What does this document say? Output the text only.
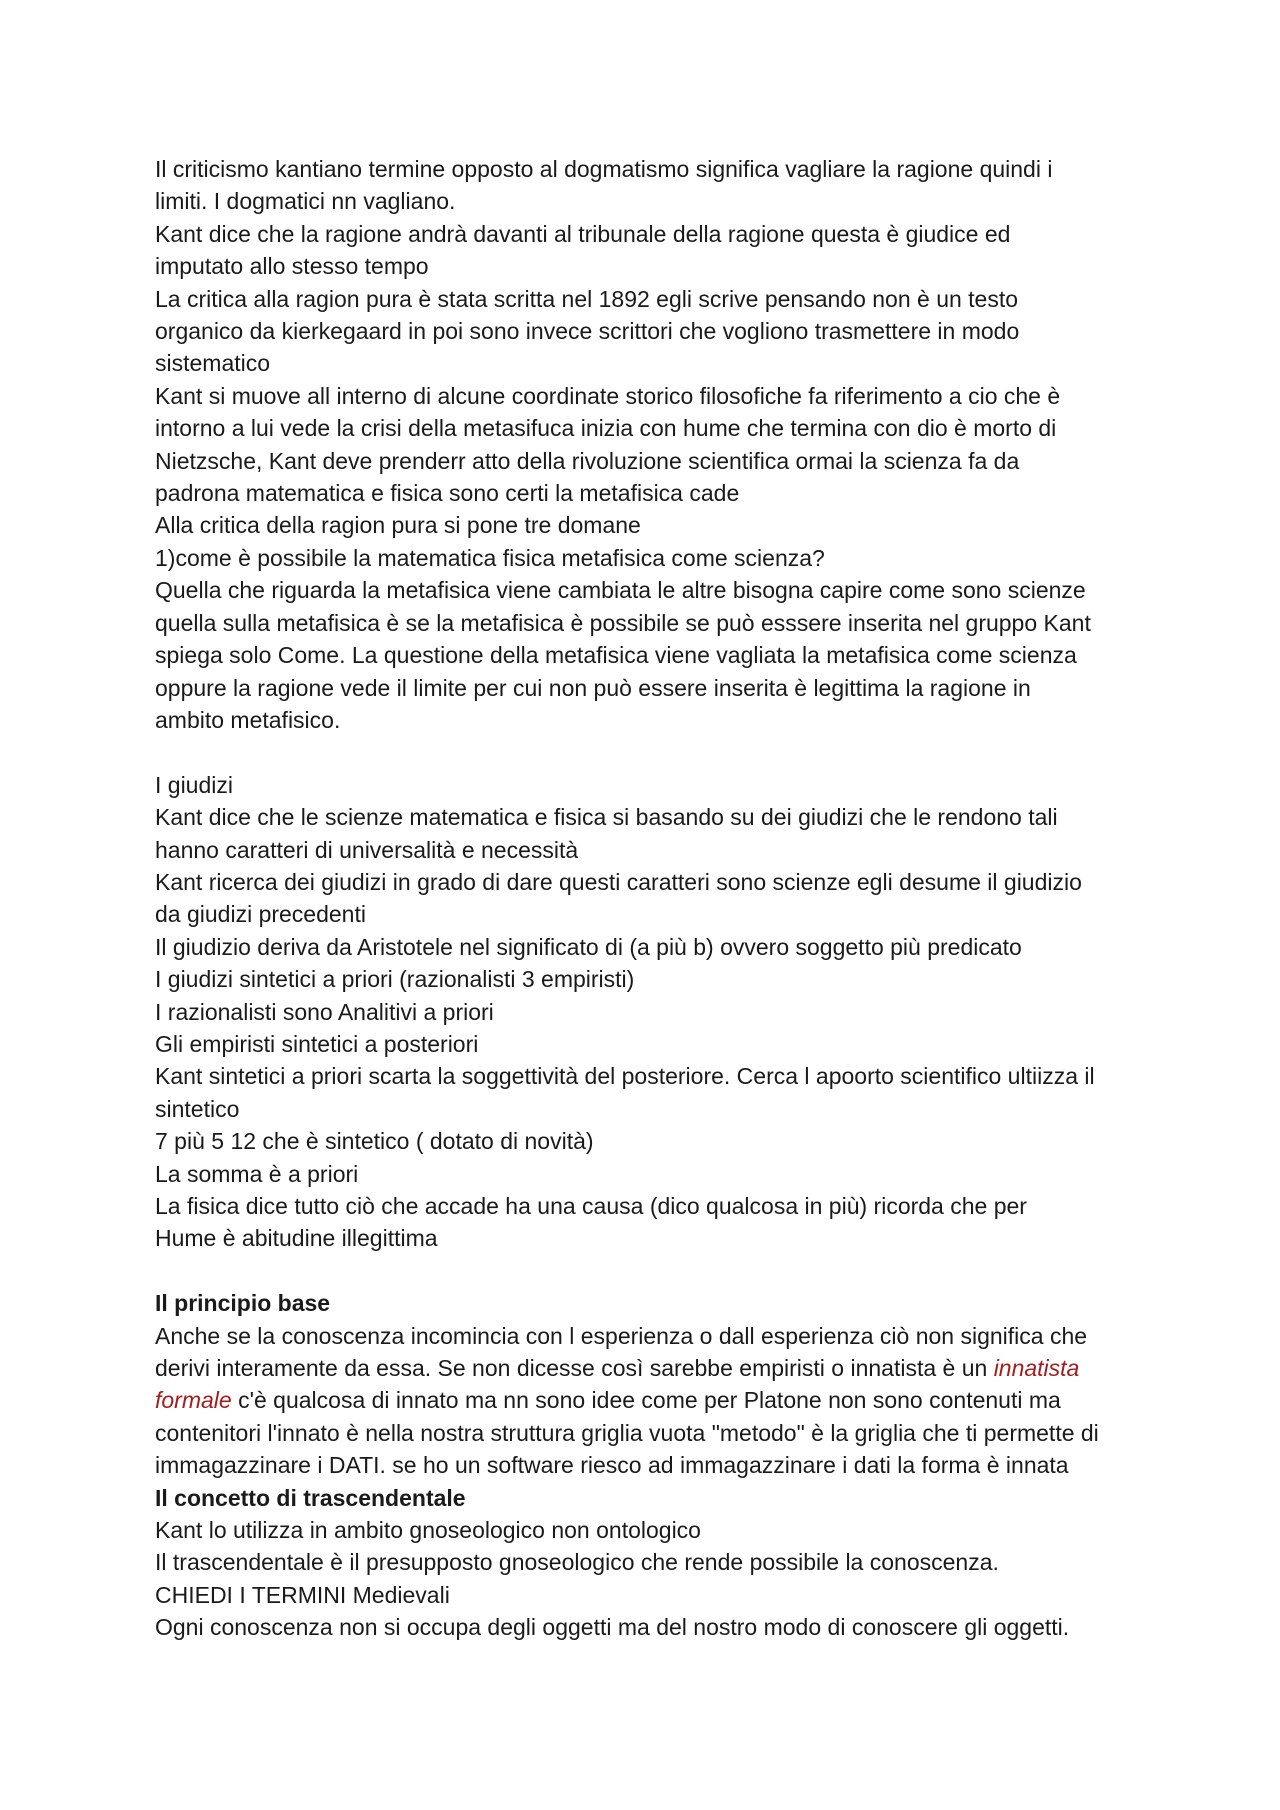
Il criticismo kantiano termine opposto al dogmatismo significa vagliare la ragione quindi i
limiti. I dogmatici nn vagliano.
Kant dice che la ragione andrà davanti al tribunale della ragione questa è giudice ed
imputato allo stesso tempo
La critica alla ragion pura è stata scritta nel 1892 egli scrive pensando non è un testo
organico da kierkegaard in poi sono invece scrittori che vogliono trasmettere in modo
sistematico
Kant si muove all interno di alcune coordinate storico filosofiche fa riferimento a cio che è
intorno a lui vede la crisi della metasifuca inizia con hume che termina con dio è morto di
Nietzsche, Kant deve prenderr atto della rivoluzione scientifica ormai la scienza fa da
padrona matematica e fisica sono certi la metafisica cade
Alla critica della ragion pura si pone tre domane
1)come è possibile la matematica fisica metafisica come scienza?
Quella che riguarda la metafisica viene cambiata le altre bisogna capire come sono scienze
quella sulla metafisica è se la metafisica è possibile se può esssere inserita nel gruppo Kant
spiega solo Come. La questione della metafisica viene vagliata la metafisica come scienza
oppure la ragione vede il limite per cui non può essere inserita è legittima la ragione in
ambito metafisico.
I giudizi
Kant dice che le scienze matematica e fisica si basando su dei giudizi che le rendono tali
hanno caratteri di universalità e necessità
Kant ricerca dei giudizi in grado di dare questi caratteri sono scienze egli desume il giudizio
da giudizi precedenti
Il giudizio deriva da Aristotele nel significato di (a più b) ovvero soggetto più predicato
I giudizi sintetici a priori (razionalisti 3 empiristi)
I razionalisti sono Analitivi a priori
Gli empiristi sintetici a posteriori
Kant sintetici a priori scarta la soggettività del posteriore. Cerca l apoorto scientifico ultiizza il
sintetico
7 più 5 12 che è sintetico ( dotato di novità)
La somma è a priori
La fisica dice tutto ciò che accade ha una causa (dico qualcosa in più) ricorda che per
Hume è abitudine illegittima
Il principio base
Anche se la conoscenza incomincia con l esperienza o dall esperienza ciò non significa che
derivi interamente da essa. Se non dicesse così sarebbe empiristi o innatista è un innatista
formale c'è qualcosa di innato ma nn sono idee come per Platone non sono contenuti ma
contenitori l'innato è nella nostra struttura griglia vuota "metodo" è la griglia che ti permette di
immagazzinare i DATI. se ho un software riesco ad immagazzinare i dati la forma è innata
Il concetto di trascendentale
Kant lo utilizza in ambito gnoseologico non ontologico
Il trascendentale è il presupposto gnoseologico che rende possibile la conoscenza.
CHIEDI I TERMINI Medievali
Ogni conoscenza non si occupa degli oggetti ma del nostro modo di conoscere gli oggetti.
